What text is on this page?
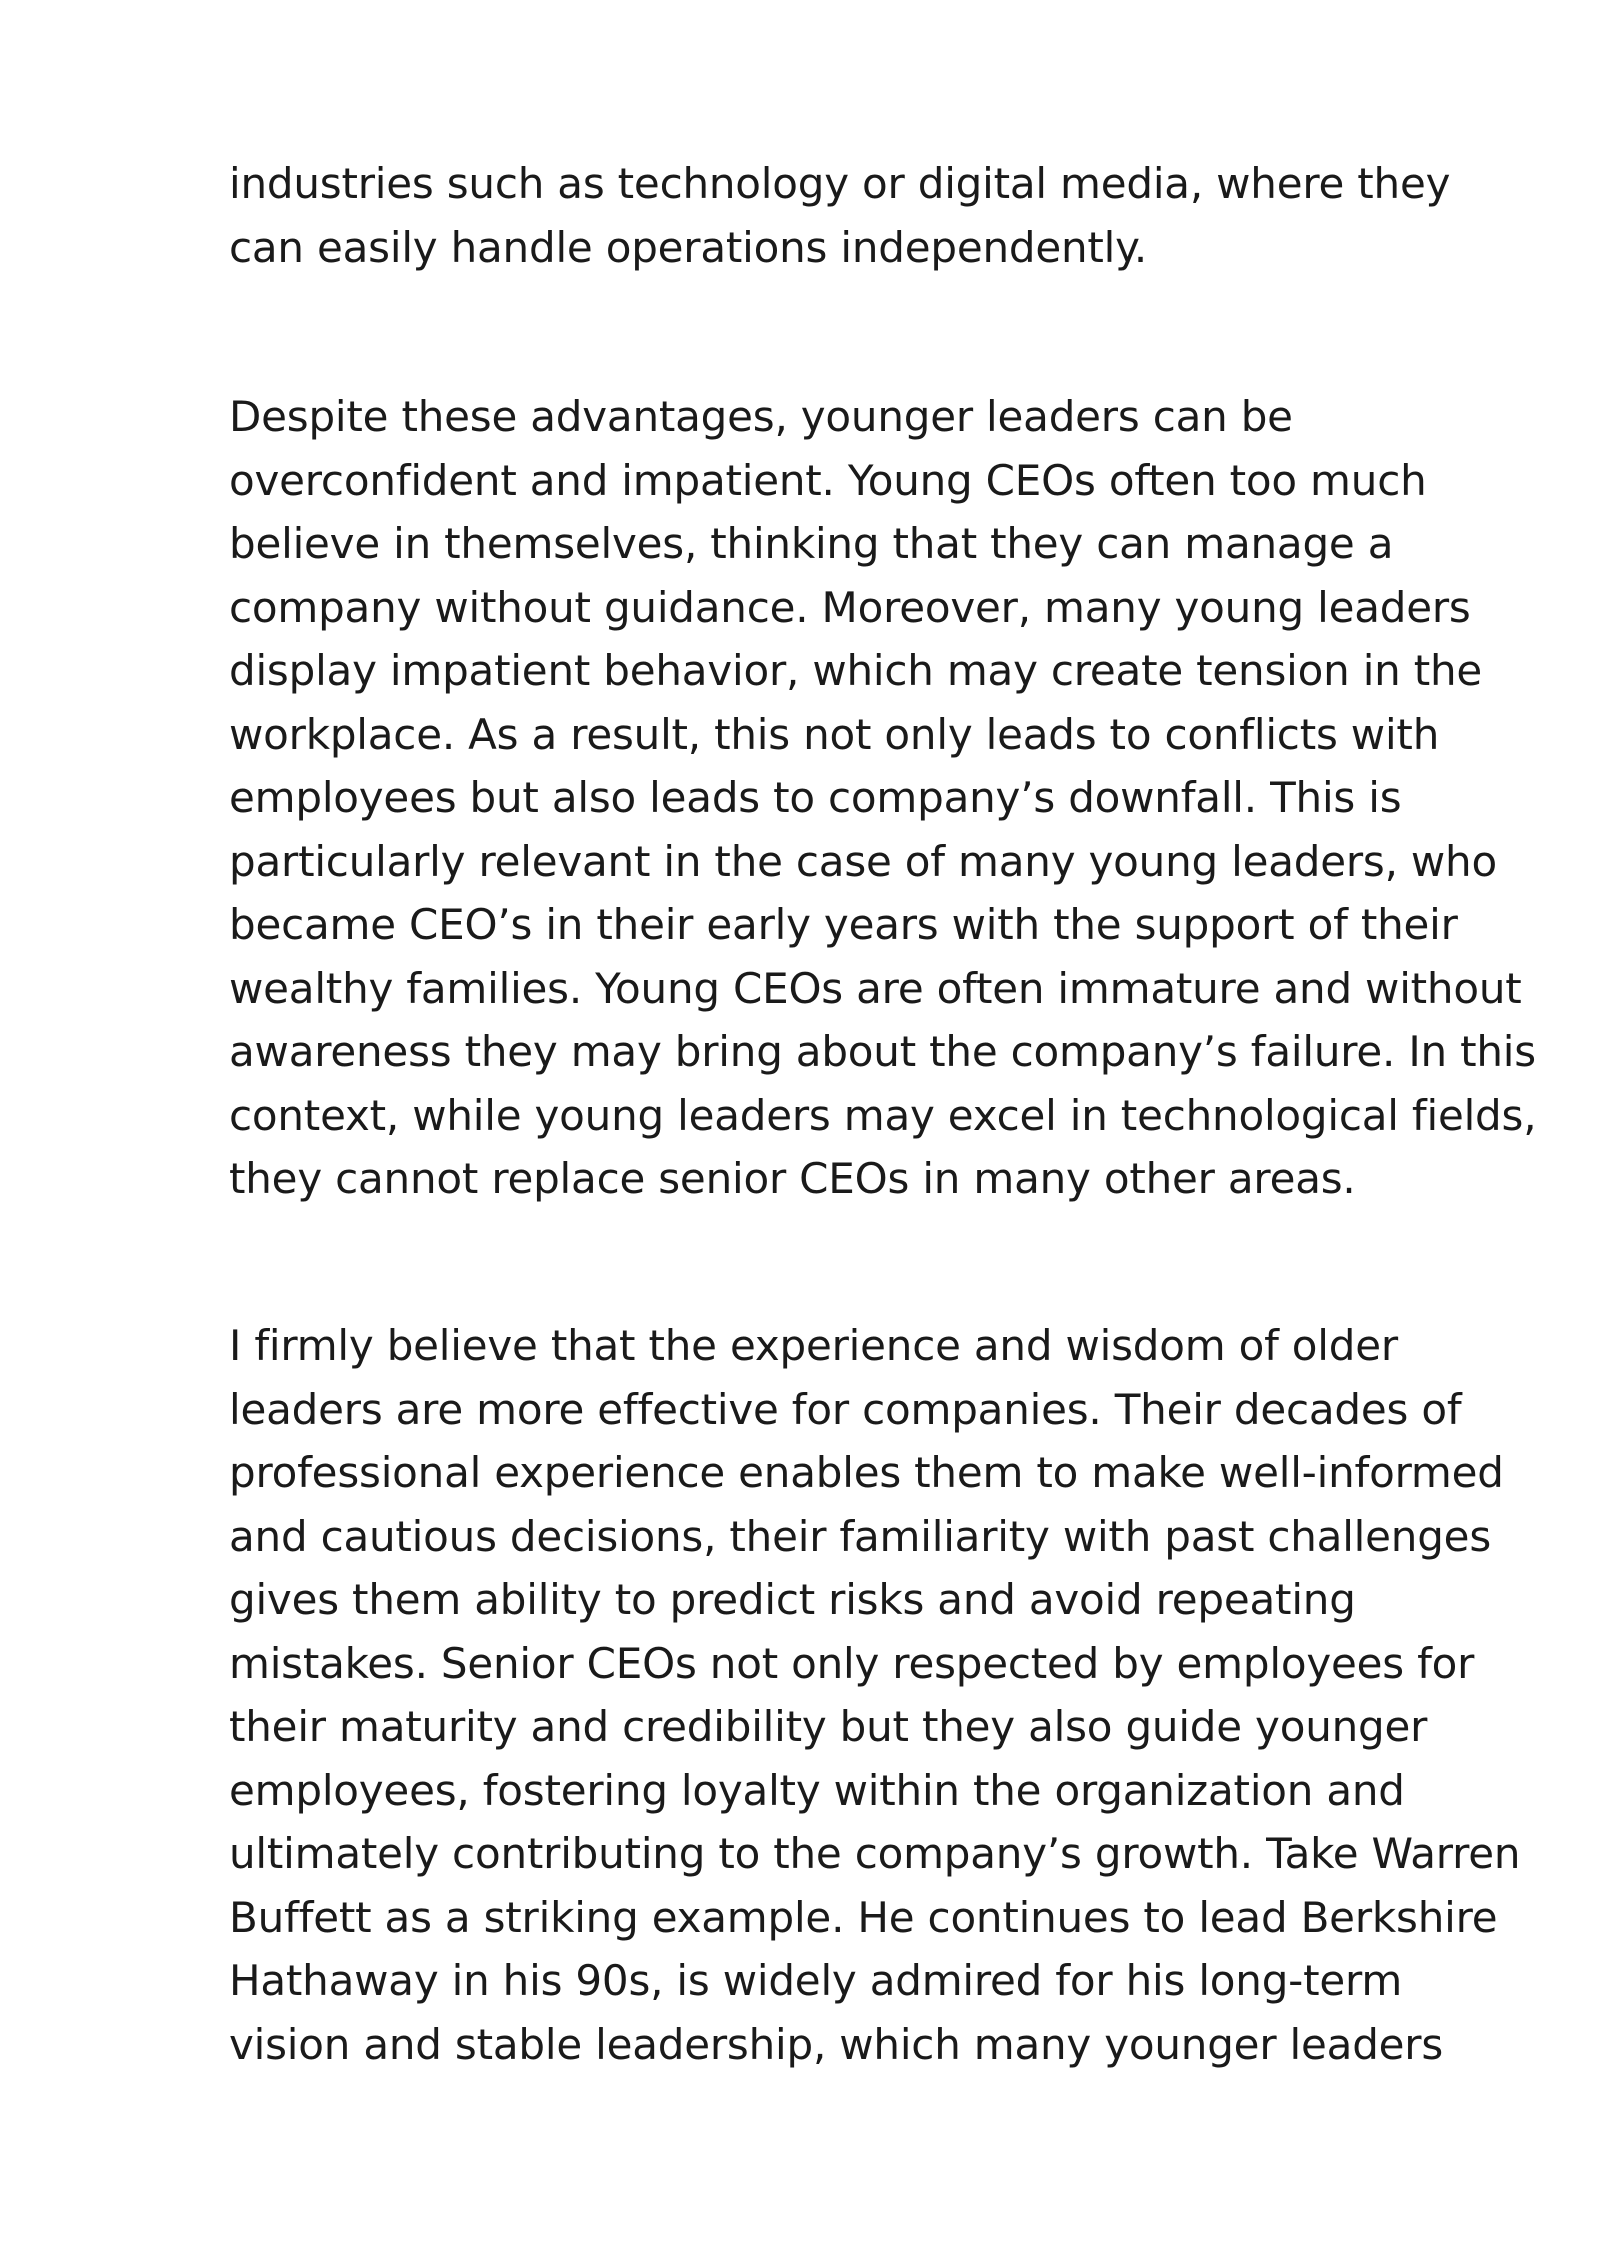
industries such as technology or digital media, where they
can easily handle operations independently.

Despite these advantages, younger leaders can be
overconfident and impatient. Young CEOs often too much
believe in themselves, thinking that they can manage a
company without guidance. Moreover, many young leaders
display impatient behavior, which may create tension in the
workplace. As a result, this not only leads to conflicts with
employees but also leads to company’s downfall. This is
particularly relevant in the case of many young leaders, who
became CEO’s in their early years with the support of their
wealthy families. Young CEOs are often immature and without
awareness they may bring about the company’s failure. In this
context, while young leaders may excel in technological fields,
they cannot replace senior CEOs in many other areas.

I firmly believe that the experience and wisdom of older
leaders are more effective for companies. Their decades of
professional experience enables them to make well-informed
and cautious decisions, their familiarity with past challenges
gives them ability to predict risks and avoid repeating
mistakes. Senior CEOs not only respected by employees for
their maturity and credibility but they also guide younger
employees, fostering loyalty within the organization and
ultimately contributing to the company’s growth. Take Warren
Buffett as a striking example. He continues to lead Berkshire
Hathaway in his 90s, is widely admired for his long-term
vision and stable leadership, which many younger leaders
